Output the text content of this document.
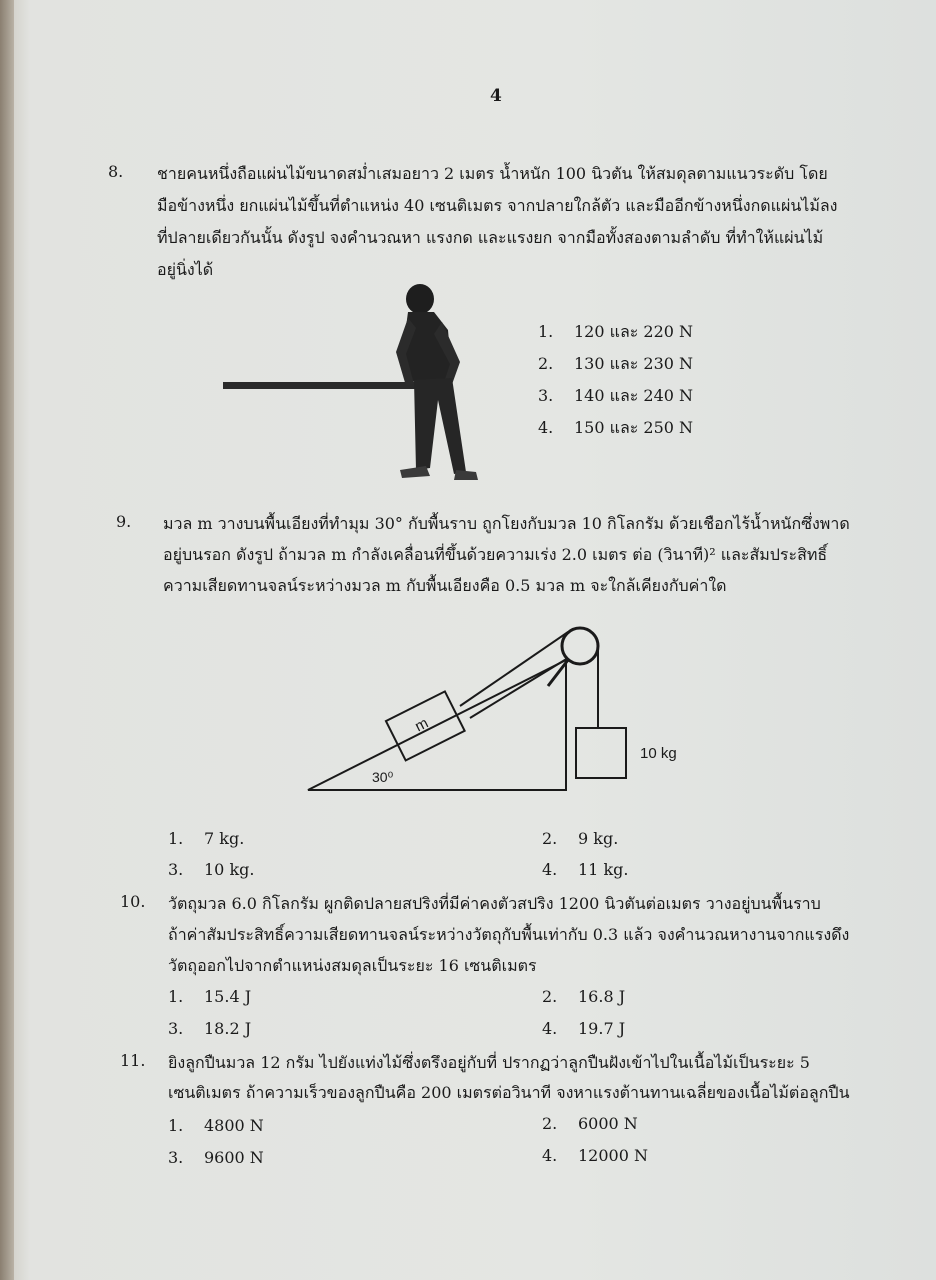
4
8. ชายคนหนึ่งถือแผ่นไม้ขนาดสม่ำเสมอยาว 2 เมตร น้ำหนัก 100 นิวตัน ให้สมดุลตามแนวระดับ โดย
มือข้างหนึ่ง ยกแผ่นไม้ขึ้นที่ตำแหน่ง 40 เซนติเมตร จากปลายใกล้ตัว และมืออีกข้างหนึ่งกดแผ่นไม้ลง
ที่ปลายเดียวกันนั้น ดังรูป จงคำนวณหา แรงกด และแรงยก จากมือทั้งสองตามลำดับ ที่ทำให้แผ่นไม้
อยู่นิ่งได้
1. 120 และ 220 N
2. 130 และ 230 N
3. 140 และ 240 N
4. 150 และ 250 N
9. มวล m วางบนพื้นเอียงที่ทำมุม 30° กับพื้นราบ ถูกโยงกับมวล 10 กิโลกรัม ด้วยเชือกไร้น้ำหนักซึ่งพาด
อยู่บนรอก ดังรูป ถ้ามวล m กำลังเคลื่อนที่ขึ้นด้วยความเร่ง 2.0 เมตร ต่อ (วินาที)² และสัมประสิทธิ์
ความเสียดทานจลน์ระหว่างมวล m กับพื้นเอียงคือ 0.5 มวล m จะใกล้เคียงกับค่าใด
m
10 kg
30⁰
1. 7 kg.	2. 9 kg.
3. 10 kg.	4. 11 kg.
10. วัตถุมวล 6.0 กิโลกรัม ผูกติดปลายสปริงที่มีค่าคงตัวสปริง 1200 นิวตันต่อเมตร วางอยู่บนพื้นราบ
ถ้าค่าสัมประสิทธิ์ความเสียดทานจลน์ระหว่างวัตถุกับพื้นเท่ากับ 0.3 แล้ว จงคำนวณหางานจากแรงดึง
วัตถุออกไปจากตำแหน่งสมดุลเป็นระยะ 16 เซนติเมตร
1. 15.4 J	2. 16.8 J
3. 18.2 J	4. 19.7 J
11. ยิงลูกปืนมวล 12 กรัม ไปยังแท่งไม้ซึ่งตรึงอยู่กับที่ ปรากฏว่าลูกปืนฝังเข้าไปในเนื้อไม้เป็นระยะ 5
เซนติเมตร ถ้าความเร็วของลูกปืนคือ 200 เมตรต่อวินาที จงหาแรงต้านทานเฉลี่ยของเนื้อไม้ต่อลูกปืน
1. 4800 N	2. 6000 N
3. 9600 N	4. 12000 N
